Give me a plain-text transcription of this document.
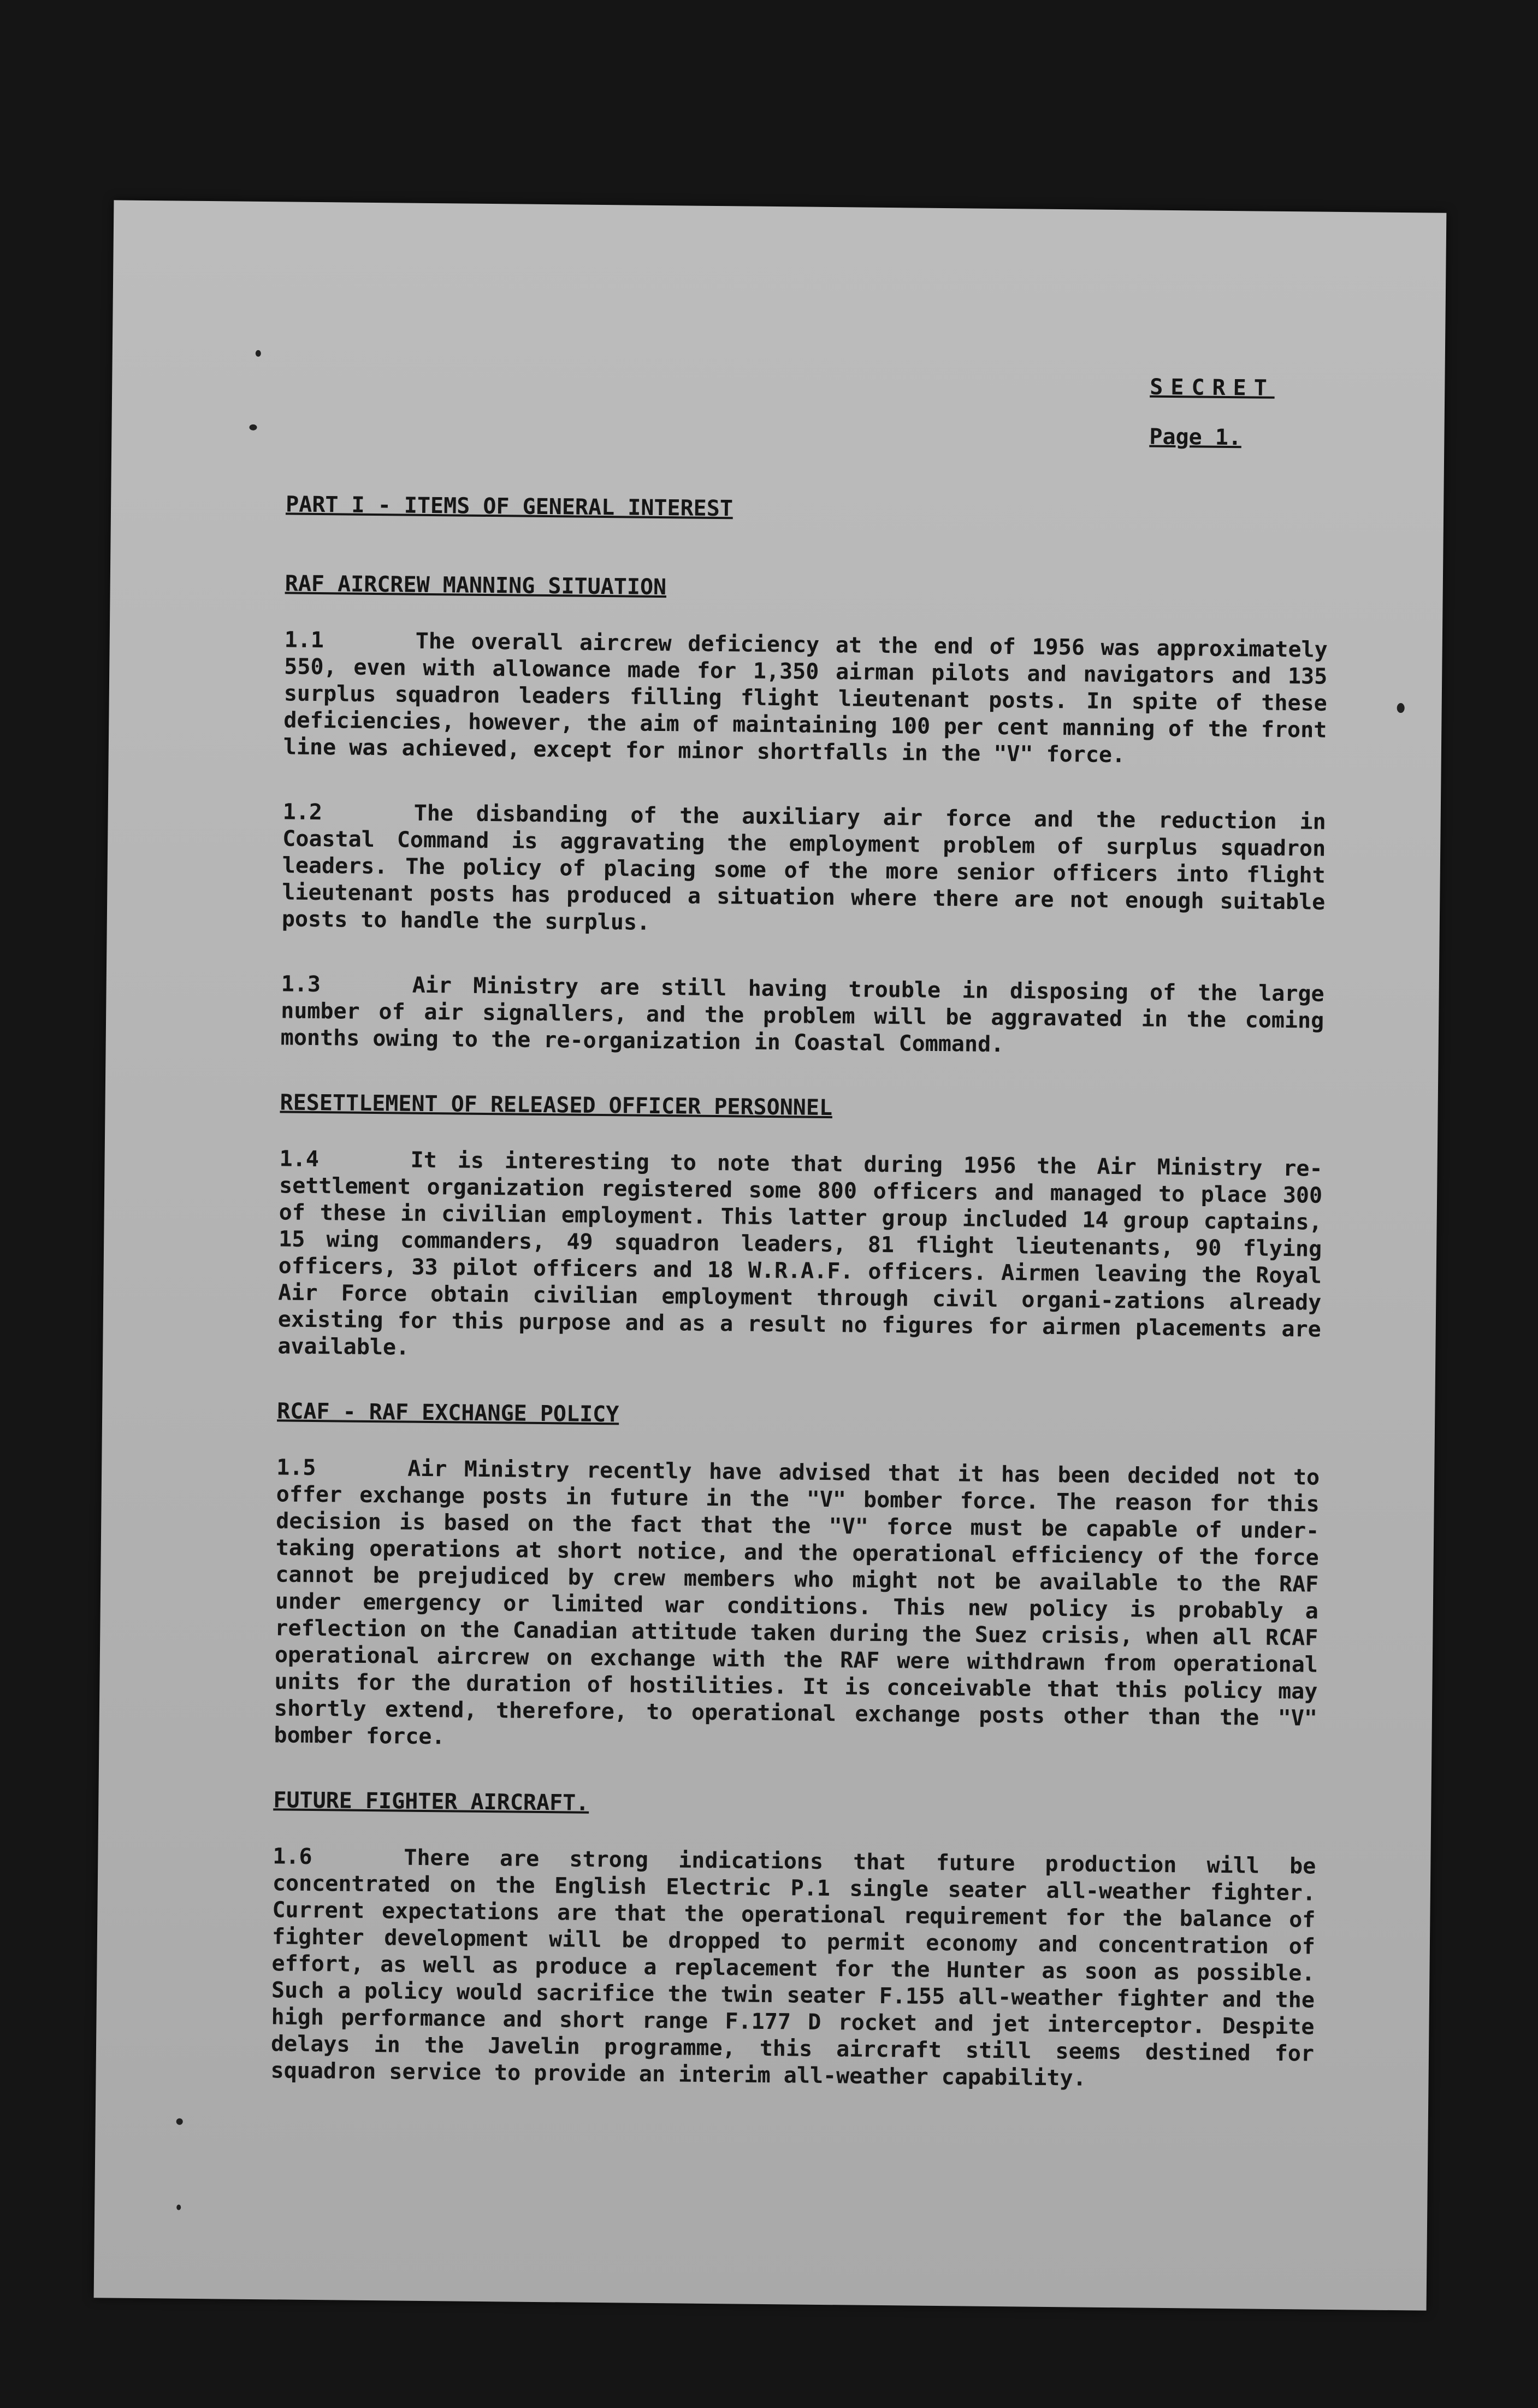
SECRET
Page 1.
PART I - ITEMS OF GENERAL INTEREST
RAF AIRCREW MANNING SITUATION
1.1	The overall aircrew deficiency at the end of 1956 was approximately 550, even with allowance made for 1,350 airman pilots and navigators and 135 surplus squadron leaders filling flight lieutenant posts. In spite of these deficiencies, however, the aim of maintaining 100 per cent manning of the front line was achieved, except for minor shortfalls in the "V" force.
1.2	The disbanding of the auxiliary air force and the reduction in Coastal Command is aggravating the employment problem of surplus squadron leaders. The policy of placing some of the more senior officers into flight lieutenant posts has produced a situation where there are not enough suitable posts to handle the surplus.
1.3	Air Ministry are still having trouble in disposing of the large number of air signallers, and the problem will be aggravated in the coming months owing to the re-organization in Coastal Command.
RESETTLEMENT OF RELEASED OFFICER PERSONNEL
1.4	It is interesting to note that during 1956 the Air Ministry re-settlement organization registered some 800 officers and managed to place 300 of these in civilian employment. This latter group included 14 group captains, 15 wing commanders, 49 squadron leaders, 81 flight lieutenants, 90 flying officers, 33 pilot officers and 18 W.R.A.F. officers. Airmen leaving the Royal Air Force obtain civilian employment through civil organi-zations already existing for this purpose and as a result no figures for airmen placements are available.
RCAF - RAF EXCHANGE POLICY
1.5	Air Ministry recently have advised that it has been decided not to offer exchange posts in future in the "V" bomber force. The reason for this decision is based on the fact that the "V" force must be capable of under-taking operations at short notice, and the operational efficiency of the force cannot be prejudiced by crew members who might not be available to the RAF under emergency or limited war conditions. This new policy is probably a reflection on the Canadian attitude taken during the Suez crisis, when all RCAF operational aircrew on exchange with the RAF were withdrawn from operational units for the duration of hostilities. It is conceivable that this policy may shortly extend, therefore, to operational exchange posts other than the "V" bomber force.
FUTURE FIGHTER AIRCRAFT.
1.6	There are strong indications that future production will be concentrated on the English Electric P.1 single seater all-weather fighter. Current expectations are that the operational requirement for the balance of fighter development will be dropped to permit economy and concentration of effort, as well as produce a replacement for the Hunter as soon as possible. Such a policy would sacrifice the twin seater F.155 all-weather fighter and the high performance and short range F.177 D rocket and jet interceptor. Despite delays in the Javelin programme, this aircraft still seems destined for squadron service to provide an interim all-weather capability.
